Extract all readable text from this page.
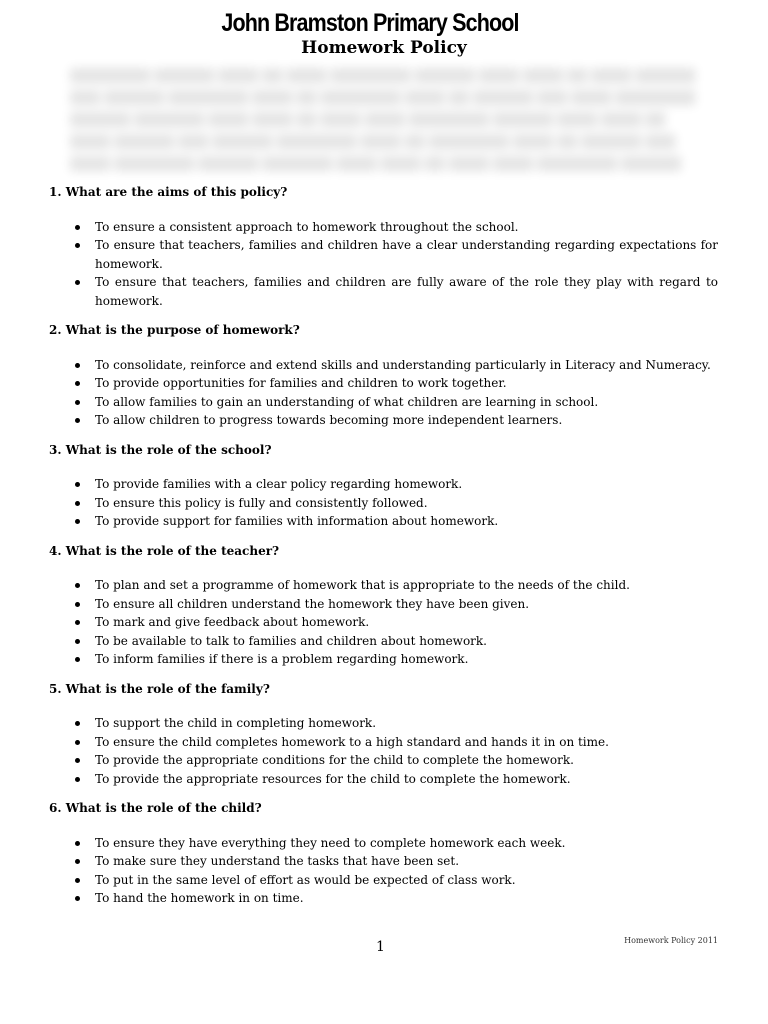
John Bramston Primary School
Homework Policy
████████ ██████ ████ ██ ████ ████████ ██████ ████ ████ ██ ████ ██████ ███ ██████ ████████ ████ ██ ████████ ████ ██ ██████ ███ ████ ████████ ██████ ███████ ████ ████ ██ ████ ████ ████████ ██████ ████ ████ ██ ████ ██████ ███ ██████ ████████ ████ ██ ████████ ████ ██ ██████ ███ ████ ████████ ██████ ███████ ████ ████ ██ ████ ████ ████████ ██████
1. What are the aims of this policy?
To ensure a consistent approach to homework throughout the school.
To ensure that teachers, families and children have a clear understanding regarding expectations for homework.
To ensure that teachers, families and children are fully aware of the role they play with regard to homework.
2. What is the purpose of homework?
To consolidate, reinforce and extend skills and understanding particularly in Literacy and Numeracy.
To provide opportunities for families and children to work together.
To allow families to gain an understanding of what children are learning in school.
To allow children to progress towards becoming more independent learners.
3. What is the role of the school?
To provide families with a clear policy regarding homework.
To ensure this policy is fully and consistently followed.
To provide support for families with information about homework.
4. What is the role of the teacher?
To plan and set a programme of homework that is appropriate to the needs of the child.
To ensure all children understand the homework they have been given.
To mark and give feedback about homework.
To be available to talk to families and children about homework.
To inform families if there is a problem regarding homework.
5. What is the role of the family?
To support the child in completing homework.
To ensure the child completes homework to a high standard and hands it in on time.
To provide the appropriate conditions for the child to complete the homework.
To provide the appropriate resources for the child to complete the homework.
6. What is the role of the child?
To ensure they have everything they need to complete homework each week.
To make sure they understand the tasks that have been set.
To put in the same level of effort as would be expected of class work.
To hand the homework in on time.
1	Homework Policy 2011
